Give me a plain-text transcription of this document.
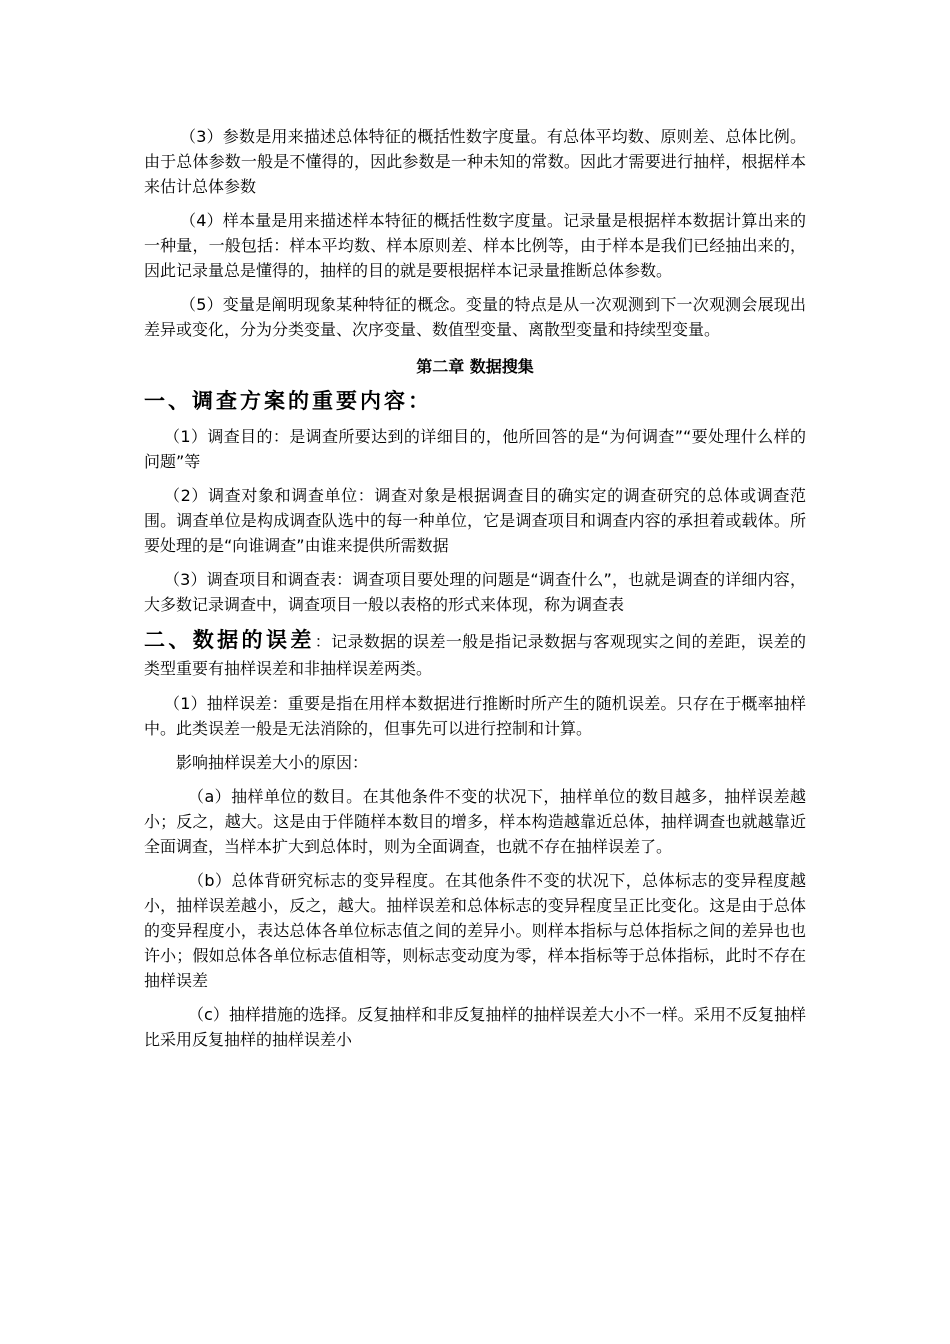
（3）参数是用来描述总体特征的概括性数字度量。有总体平均数、原则差、总体比例。由于总体参数一般是不懂得的，因此参数是一种未知的常数。因此才需要进行抽样，根据样本来估计总体参数

（4）样本量是用来描述样本特征的概括性数字度量。记录量是根据样本数据计算出来的一种量，一般包括：样本平均数、样本原则差、样本比例等，由于样本是我们已经抽出来的，因此记录量总是懂得的，抽样的目的就是要根据样本记录量推断总体参数。

（5）变量是阐明现象某种特征的概念。变量的特点是从一次观测到下一次观测会展现出差异或变化，分为分类变量、次序变量、数值型变量、离散型变量和持续型变量。

第二章 数据搜集
一、调查方案的重要内容：

（1）调查目的：是调查所要达到的详细目的，他所回答的是“为何调查”“要处理什么样的问题”等

（2）调查对象和调查单位：调查对象是根据调查目的确实定的调查研究的总体或调查范围。调查单位是构成调查队选中的每一种单位，它是调查项目和调查内容的承担着或载体。所要处理的是“向谁调查”由谁来提供所需数据

（3）调查项目和调查表：调查项目要处理的问题是“调查什么”，也就是调查的详细内容，大多数记录调查中，调查项目一般以表格的形式来体现，称为调查表

二、数据的误差：记录数据的误差一般是指记录数据与客观现实之间的差距，误差的类型重要有抽样误差和非抽样误差两类。

（1）抽样误差：重要是指在用样本数据进行推断时所产生的随机误差。只存在于概率抽样中。此类误差一般是无法消除的，但事先可以进行控制和计算。

影响抽样误差大小的原因：

（a）抽样单位的数目。在其他条件不变的状况下，抽样单位的数目越多，抽样误差越小；反之，越大。这是由于伴随样本数目的增多，样本构造越靠近总体，抽样调查也就越靠近全面调查，当样本扩大到总体时，则为全面调查，也就不存在抽样误差了。

（b）总体背研究标志的变异程度。在其他条件不变的状况下，总体标志的变异程度越小，抽样误差越小，反之，越大。抽样误差和总体标志的变异程度呈正比变化。这是由于总体的变异程度小，表达总体各单位标志值之间的差异小。则样本指标与总体指标之间的差异也也许小；假如总体各单位标志值相等，则标志变动度为零，样本指标等于总体指标，此时不存在抽样误差

（c）抽样措施的选择。反复抽样和非反复抽样的抽样误差大小不一样。采用不反复抽样比采用反复抽样的抽样误差小
